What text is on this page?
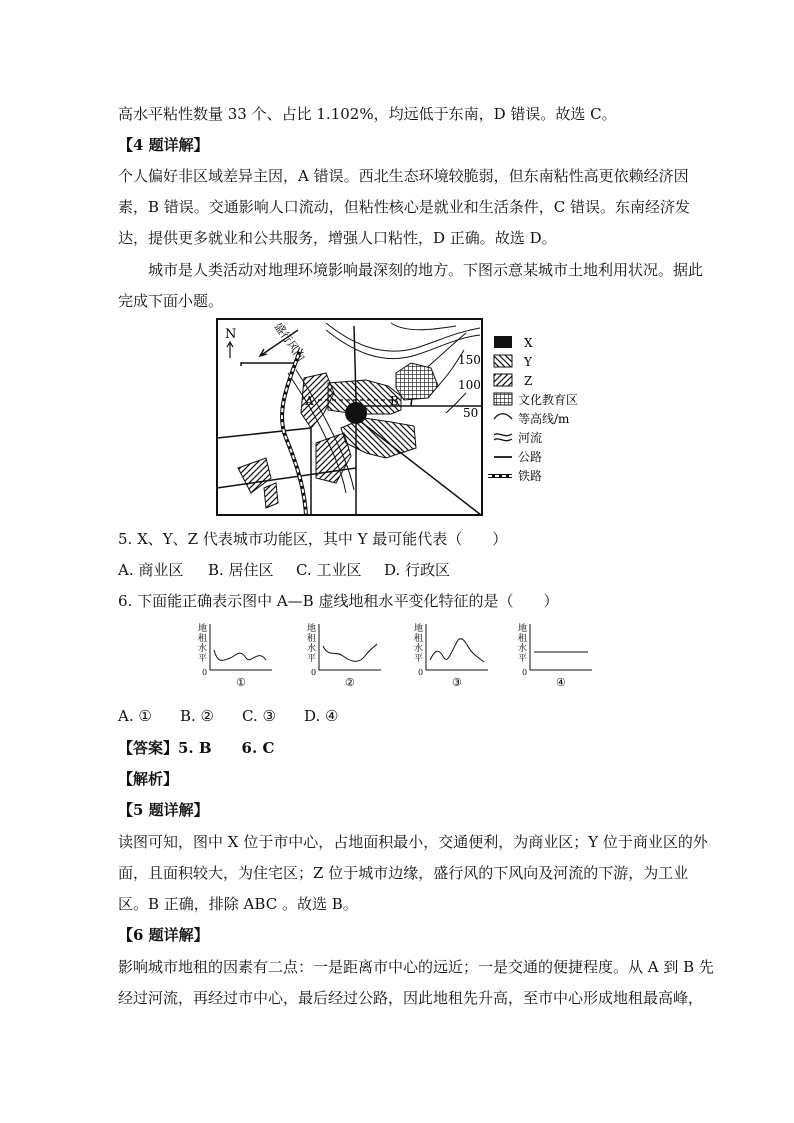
高水平粘性数量 33 个、占比 1.102%，均远低于东南，D 错误。故选 C。
【4 题详解】
个人偏好非区域差异主因，A 错误。西北生态环境较脆弱，但东南粘性高更依赖经济因
素，B 错误。交通影响人口流动，但粘性核心是就业和生活条件，C 错误。东南经济发
达，提供更多就业和公共服务，增强人口粘性，D 正确。故选 D。
城市是人类活动对地理环境影响最深刻的地方。下图示意某城市土地利用状况。据此
完成下面小题。
N	盛行风向
A	B
150
100
50
X
Y
Z
文化教育区
等高线/m
河流
公路
铁路
5. X、Y、Z 代表城市功能区，其中 Y 最可能代表（　　）
A. 商业区 B. 居住区 C. 工业区 D. 行政区
6. 下面能正确表示图中 A—B 虚线地租水平变化特征的是（　　）
地
租
水
平
0
①
地
租
水
平
0
②
地
租
水
平
0
③
地
租
水
平
0
④
A. ① B. ② C. ③ D. ④
【答案】5. B　　6. C
【解析】
【5 题详解】
读图可知，图中 X 位于市中心，占地面积最小，交通便利，为商业区；Y 位于商业区的外
面，且面积较大，为住宅区；Z 位于城市边缘，盛行风的下风向及河流的下游，为工业
区。B 正确，排除 ABC 。故选 B。
【6 题详解】
影响城市地租的因素有二点：一是距离市中心的远近；一是交通的便捷程度。从 A 到 B 先
经过河流，再经过市中心，最后经过公路，因此地租先升高，至市中心形成地租最高峰，
